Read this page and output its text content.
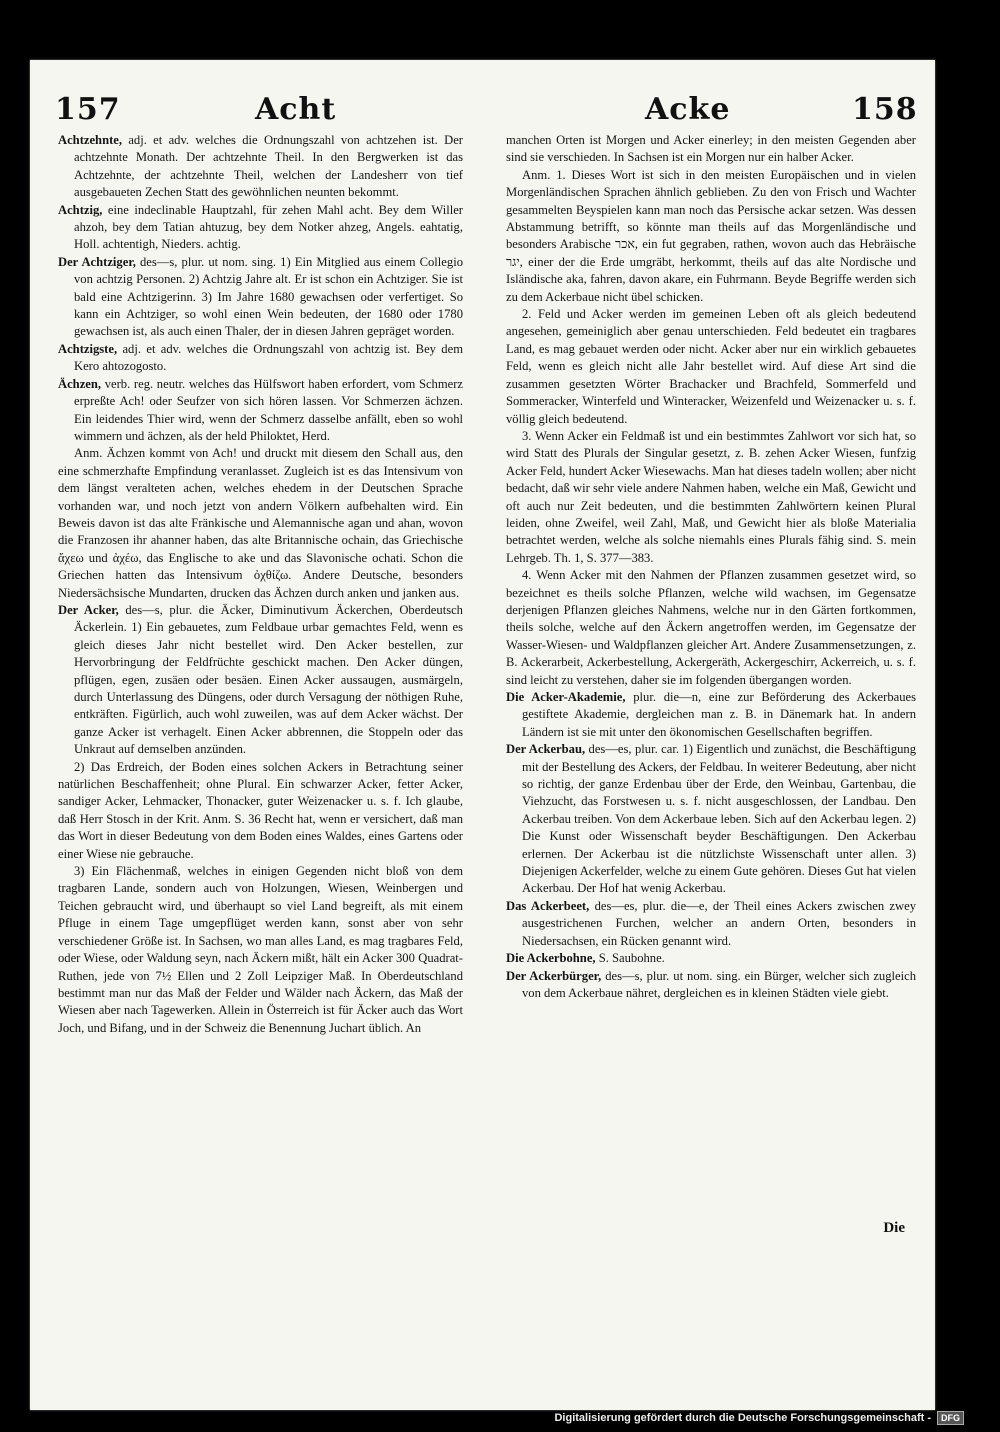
157	Acht	Acke	158

Achtzehnte, adj. et adv. welches die Ordnungszahl von achtzehen ist. Der achtzehnte Monath. Der achtzehnte Theil. In den Bergwerken ist das Achtzehnte, der achtzehnte Theil, welchen der Landesherr von tief ausgebaueten Zechen Statt des gewöhnlichen neunten bekommt.

Achtzig, eine indeclinable Hauptzahl, für zehen Mahl acht. Bey dem Willer ahzoh, bey dem Tatian ahtuzug, bey dem Notker ahzeg, Angels. eahtatig, Holl. achtentigh, Nieders. achtig.

Der Achtziger, des—s, plur. ut nom. sing. 1) Ein Mitglied aus einem Collegio von achtzig Personen. 2) Achtzig Jahre alt. Er ist schon ein Achtziger. Sie ist bald eine Achtzigerinn. 3) Im Jahre 1680 gewachsen oder verfertiget. So kann ein Achtziger, so wohl einen Wein bedeuten, der 1680 oder 1780 gewachsen ist, als auch einen Thaler, der in diesen Jahren gepräget worden.

Achtzigste, adj. et adv. welches die Ordnungszahl von achtzig ist. Bey dem Kero ahtozogosto.

Ächzen, verb. reg. neutr. welches das Hülfswort haben erfordert, vom Schmerz erpreßte Ach! oder Seufzer von sich hören lassen. Vor Schmerzen ächzen. Ein leidendes Thier wird, wenn der Schmerz dasselbe anfällt, eben so wohl wimmern und ächzen, als der held Philoktet, Herd.

Anm. Ächzen kommt von Ach! und druckt mit diesem den Schall aus, den eine schmerzhafte Empfindung veranlasset. Zugleich ist es das Intensivum von dem längst veralteten achen, welches ehedem in der Deutschen Sprache vorhanden war, und noch jetzt von andern Völkern aufbehalten wird. Ein Beweis davon ist das alte Fränkische und Alemannische agan und ahan, wovon die Franzosen ihr ahanner haben, das alte Britannische ochain, das Griechische ἄχεω und ἀχέω, das Englische to ake und das Slavonische ochati. Schon die Griechen hatten das Intensivum ὀχθίζω. Andere Deutsche, besonders Niedersächsische Mundarten, drucken das Ächzen durch anken und janken aus.

Der Acker, des—s, plur. die Äcker, Diminutivum Äckerchen, Oberdeutsch Äckerlein. 1) Ein gebauetes, zum Feldbaue urbar gemachtes Feld, wenn es gleich dieses Jahr nicht bestellet wird. Den Acker bestellen, zur Hervorbringung der Feldfrüchte geschickt machen. Den Acker düngen, pflügen, egen, zusäen oder besäen. Einen Acker aussaugen, ausmärgeln, durch Unterlassung des Düngens, oder durch Versagung der nöthigen Ruhe, entkräften. Figürlich, auch wohl zuweilen, was auf dem Acker wächst. Der ganze Acker ist verhagelt. Einen Acker abbrennen, die Stoppeln oder das Unkraut auf demselben anzünden.

2) Das Erdreich, der Boden eines solchen Ackers in Betrachtung seiner natürlichen Beschaffenheit; ohne Plural. Ein schwarzer Acker, fetter Acker, sandiger Acker, Lehmacker, Thonacker, guter Weizenacker u. s. f. Ich glaube, daß Herr Stosch in der Krit. Anm. S. 36 Recht hat, wenn er versichert, daß man das Wort in dieser Bedeutung von dem Boden eines Waldes, eines Gartens oder einer Wiese nie gebrauche.

3) Ein Flächenmaß, welches in einigen Gegenden nicht bloß von dem tragbaren Lande, sondern auch von Holzungen, Wiesen, Weinbergen und Teichen gebraucht wird, und überhaupt so viel Land begreift, als mit einem Pfluge in einem Tage umgepflüget werden kann, sonst aber von sehr verschiedener Größe ist. In Sachsen, wo man alles Land, es mag tragbares Feld, oder Wiese, oder Waldung seyn, nach Äckern mißt, hält ein Acker 300 Quadrat-Ruthen, jede von 7½ Ellen und 2 Zoll Leipziger Maß. In Oberdeutschland bestimmt man nur das Maß der Felder und Wälder nach Äckern, das Maß der Wiesen aber nach Tagewerken. Allein in Österreich ist für Äcker auch das Wort Joch, und Bifang, und in der Schweiz die Benennung Juchart üblich. An

manchen Orten ist Morgen und Acker einerley; in den meisten Gegenden aber sind sie verschieden. In Sachsen ist ein Morgen nur ein halber Acker.

Anm. 1. Dieses Wort ist sich in den meisten Europäischen und in vielen Morgenländischen Sprachen ähnlich geblieben. Zu den von Frisch und Wachter gesammelten Beyspielen kann man noch das Persische ackar setzen. Was dessen Abstammung betrifft, so könnte man theils auf das Morgenländische und besonders Arabische אכר, ein fut gegraben, rathen, wovon auch das Hebräische יגר, einer der die Erde umgräbt, herkommt, theils auf das alte Nordische und Isländische aka, fahren, davon akare, ein Fuhrmann. Beyde Begriffe werden sich zu dem Ackerbaue nicht übel schicken.

2. Feld und Acker werden im gemeinen Leben oft als gleich bedeutend angesehen, gemeiniglich aber genau unterschieden. Feld bedeutet ein tragbares Land, es mag gebauet werden oder nicht. Acker aber nur ein wirklich gebauetes Feld, wenn es gleich nicht alle Jahr bestellet wird. Auf diese Art sind die zusammen gesetzten Wörter Brachacker und Brachfeld, Sommerfeld und Sommeracker, Winterfeld und Winteracker, Weizenfeld und Weizenacker u. s. f. völlig gleich bedeutend.

3. Wenn Acker ein Feldmaß ist und ein bestimmtes Zahlwort vor sich hat, so wird Statt des Plurals der Singular gesetzt, z. B. zehen Acker Wiesen, funfzig Acker Feld, hundert Acker Wiesewachs. Man hat dieses tadeln wollen; aber nicht bedacht, daß wir sehr viele andere Nahmen haben, welche ein Maß, Gewicht und oft auch nur Zeit bedeuten, und die bestimmten Zahlwörtern keinen Plural leiden, ohne Zweifel, weil Zahl, Maß, und Gewicht hier als bloße Materialia betrachtet werden, welche als solche niemahls eines Plurals fähig sind. S. mein Lehrgeb. Th. 1, S. 377—383.

4. Wenn Acker mit den Nahmen der Pflanzen zusammen gesetzet wird, so bezeichnet es theils solche Pflanzen, welche wild wachsen, im Gegensatze derjenigen Pflanzen gleiches Nahmens, welche nur in den Gärten fortkommen, theils solche, welche auf den Äckern angetroffen werden, im Gegensatze der Wasser-Wiesen- und Waldpflanzen gleicher Art. Andere Zusammensetzungen, z. B. Ackerarbeit, Ackerbestellung, Ackergeräth, Ackergeschirr, Ackerreich, u. s. f. sind leicht zu verstehen, daher sie im folgenden übergangen worden.

Die Acker-Akademie, plur. die—n, eine zur Beförderung des Ackerbaues gestiftete Akademie, dergleichen man z. B. in Dänemark hat. In andern Ländern ist sie mit unter den ökonomischen Gesellschaften begriffen.

Der Ackerbau, des—es, plur. car. 1) Eigentlich und zunächst, die Beschäftigung mit der Bestellung des Ackers, der Feldbau. In weiterer Bedeutung, aber nicht so richtig, der ganze Erdenbau über der Erde, den Weinbau, Gartenbau, die Viehzucht, das Forstwesen u. s. f. nicht ausgeschlossen, der Landbau. Den Ackerbau treiben. Von dem Ackerbaue leben. Sich auf den Ackerbau legen. 2) Die Kunst oder Wissenschaft beyder Beschäftigungen. Den Ackerbau erlernen. Der Ackerbau ist die nützlichste Wissenschaft unter allen. 3) Diejenigen Ackerfelder, welche zu einem Gute gehören. Dieses Gut hat vielen Ackerbau. Der Hof hat wenig Ackerbau.

Das Ackerbeet, des—es, plur. die—e, der Theil eines Ackers zwischen zwey ausgestrichenen Furchen, welcher an andern Orten, besonders in Niedersachsen, ein Rücken genannt wird.

Die Ackerbohne, S. Saubohne.

Der Ackerbürger, des—s, plur. ut nom. sing. ein Bürger, welcher sich zugleich von dem Ackerbaue nähret, dergleichen es in kleinen Städten viele giebt.

Die
Digitalisierung gefördert durch die Deutsche Forschungsgemeinschaft -	DFG
